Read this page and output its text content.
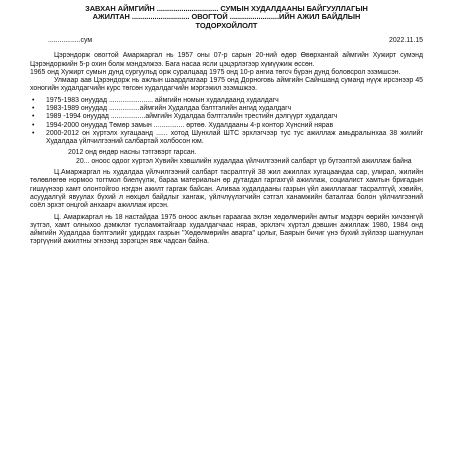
ЗАВХАН АЙМГИЙН .............................. СУМЫН ХУДАЛДААНЫ БАЙГУУЛЛАГЫН
АЖИЛТАН ............................ ОВОГТОЙ ........................ИЙН АЖИЛ БАЙДЛЫН
ТОДОРХОЙЛОЛТ
.................сум	2022.11.15

Цэрэндорж овогтой Амаржаргал нь 1957 оны 07-р сарын 20-ний өдөр Өвөрхангай аймгийн Хужирт сумэнд Цэрэндоржийн 5-р охин болж мэндэлжээ. Бага насаа ясли цэцэрлэгээр хүмүүжиж өссөн.

1965 онд Хужирт сумын дунд сургуульд орж суралцаад 1975 онд 10-р ангиа төгсч бүрэн дунд боловсрол эзэмшсэн.

Улмаар аав Цэрэндорж нь ажлын шаардлагаар 1975 онд Дорноговь аймгийн Сайншанд суманд нүүж ирсэнээр 45 хоногийн худалдагчийн курс төгсөн худалдагчийн мэргэжил эзэмшжээ.

• 1975-1983 онуудад ....................... аймгийн номын худалдаанд худалдагч
• 1983-1989 онуудад ................аймгийн Худалдаа бэлтгэлийн ангид худалдагч
• 1989 -1994 онуудад ..................аймгийн Худалдаа бэлтгэлийн трестийн дэлгүүрт худалдагч
• 1994-2000 онуудад Төмөр замын ................ өртөө. Худалдааны 4-р контор Хүнсний нярав
• 2000-2012 он хүртэлх хугацаанд ...... хотод Шунхлай ШТС эрхлэгчээр тус тус ажиллаж амьдралынхаа 38 жилийг Худалдаа үйлчилгээний салбартай холбосон юм.

2012 онд өндөр насны тэтгэвэрт гарсан.

20... оноос одоог хүртэл Хувийн хэвшлийн худалдаа үйлчилгээний салбарт үр бүтээлтэй ажиллаж байна

Ц.Амаржаргал нь худалдаа үйлчилгээний салбарт тасралтгүй 38 жил ажиллах хугацаандаа сар, улирал, жилийн төлөвлөгөө нормоо тогтмол биелүүлж, бараа материалын өр дутагдал гаргахгүй ажиллаж, социалист хамтын бригадын гишүүнээр хамт олонтойгоо нэгдэн ажилт гаргаж байсан. Аливаа худалдааны газрын үйл ажиллагааг тасралтгүй, хэвийн, асуудалгүй явуулах бүхий л нөхцөл байдлыг хангаж, үйлчлүүлэгчийн сэтгэл ханамжийн баталгаа болон үйлчилгээний соёл эрхэт онцгой анхаарч ажиллаж ирсэн.

Ц. Амаржаргал нь 18 настайдаа 1975 оноос ажлын гараагаа эхлэн хөдөлмөрийн амтыг мэдэрч өөрийн хичээнгүй зүтгэл, хамт олныхоо дэмжлэг тусламжтайгаар худалдагчаас нярав, эрхлэгч хүртэл дэвшин ажиллаж 1980, 1984 онд аймгийн Худалдаа бэлтгэлийг удирдах газрын "Хөдөлмөрийн аварга" цолыг, Баярын бичиг үнэ бүхий зүйлээр шагнуулан тэргүүний ажилтны эгнээнд зэрэгцэн явж чадсан байна.
